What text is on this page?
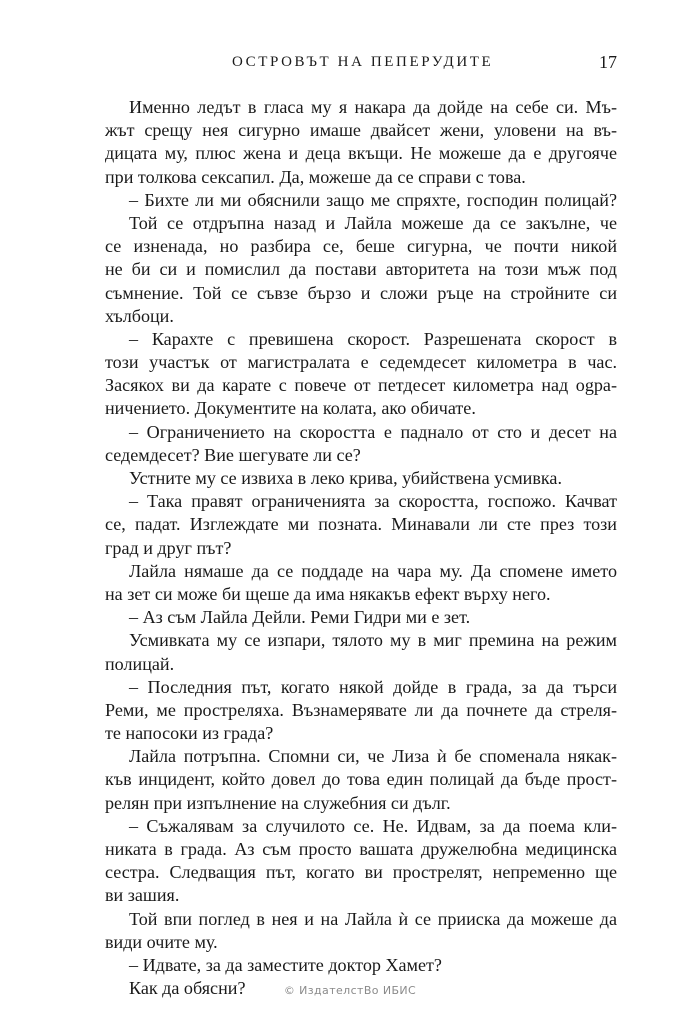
ОСТРОВЪТ НА ПЕПЕРУДИТЕ	17
Именно ледът в гласа му я накара да дойде на себе си. Мъ-
жът срещу нея сигурно имаше двайсет жени, уловени на въ-
дицата му, плюс жена и деца вкъщи. Не можеше да е другояче
при толкова сексапил. Да, можеше да се справи с това.
– Бихте ли ми обяснили защо ме спряхте, господин полицай?
Той се отдръпна назад и Лайла можеше да се закълне, че
се изненада, но разбира се, беше сигурна, че почти никой
не би си и помислил да постави авторитета на този мъж под
съмнение. Той се съвзе бързо и сложи ръце на стройните си
хълбоци.
– Карахте с превишена скорост. Разрешената скорост в
този участък от магистралата е седемдесет километра в час.
Засякох ви да карате с повече от петдесет километра над ogра-
ничението. Документите на колата, ако обичате.
– Ограничението на скоростта е паднало от сто и десет на
седемдесет? Вие шегувате ли се?
Устните му се извиха в леко крива, убийствена усмивка.
– Така правят ограниченията за скоростта, госпожо. Качват
се, падат. Изглеждате ми позната. Минавали ли сте през този
град и друг път?
Лайла нямаше да се поддаде на чара му. Да спомене името
на зет си може би щеше да има някакъв ефект върху него.
– Аз съм Лайла Дейли. Реми Гидри ми е зет.
Усмивката му се изпари, тялото му в миг премина на режим
полицай.
– Последния път, когато някой дойде в града, за да търси
Реми, ме простреляха. Възнамерявате ли да почнете да стреля-
те напосоки из града?
Лайла потръпна. Спомни си, че Лиза ѝ бе споменала някак-
къв инцидент, който довел до това един полицай да бъде прост-
релян при изпълнение на служебния си дълг.
– Съжалявам за случилото се. Не. Идвам, за да поема кли-
никата в града. Аз съм просто вашата дружелюбна медицинска
сестра. Следващия път, когато ви прострелят, непременно ще
ви зашия.
Той впи поглед в нея и на Лайла ѝ се прииска да можеше да
види очите му.
– Идвате, за да заместите доктор Хамет?
Как да обясни?	© ИздателстВо ИБИС
